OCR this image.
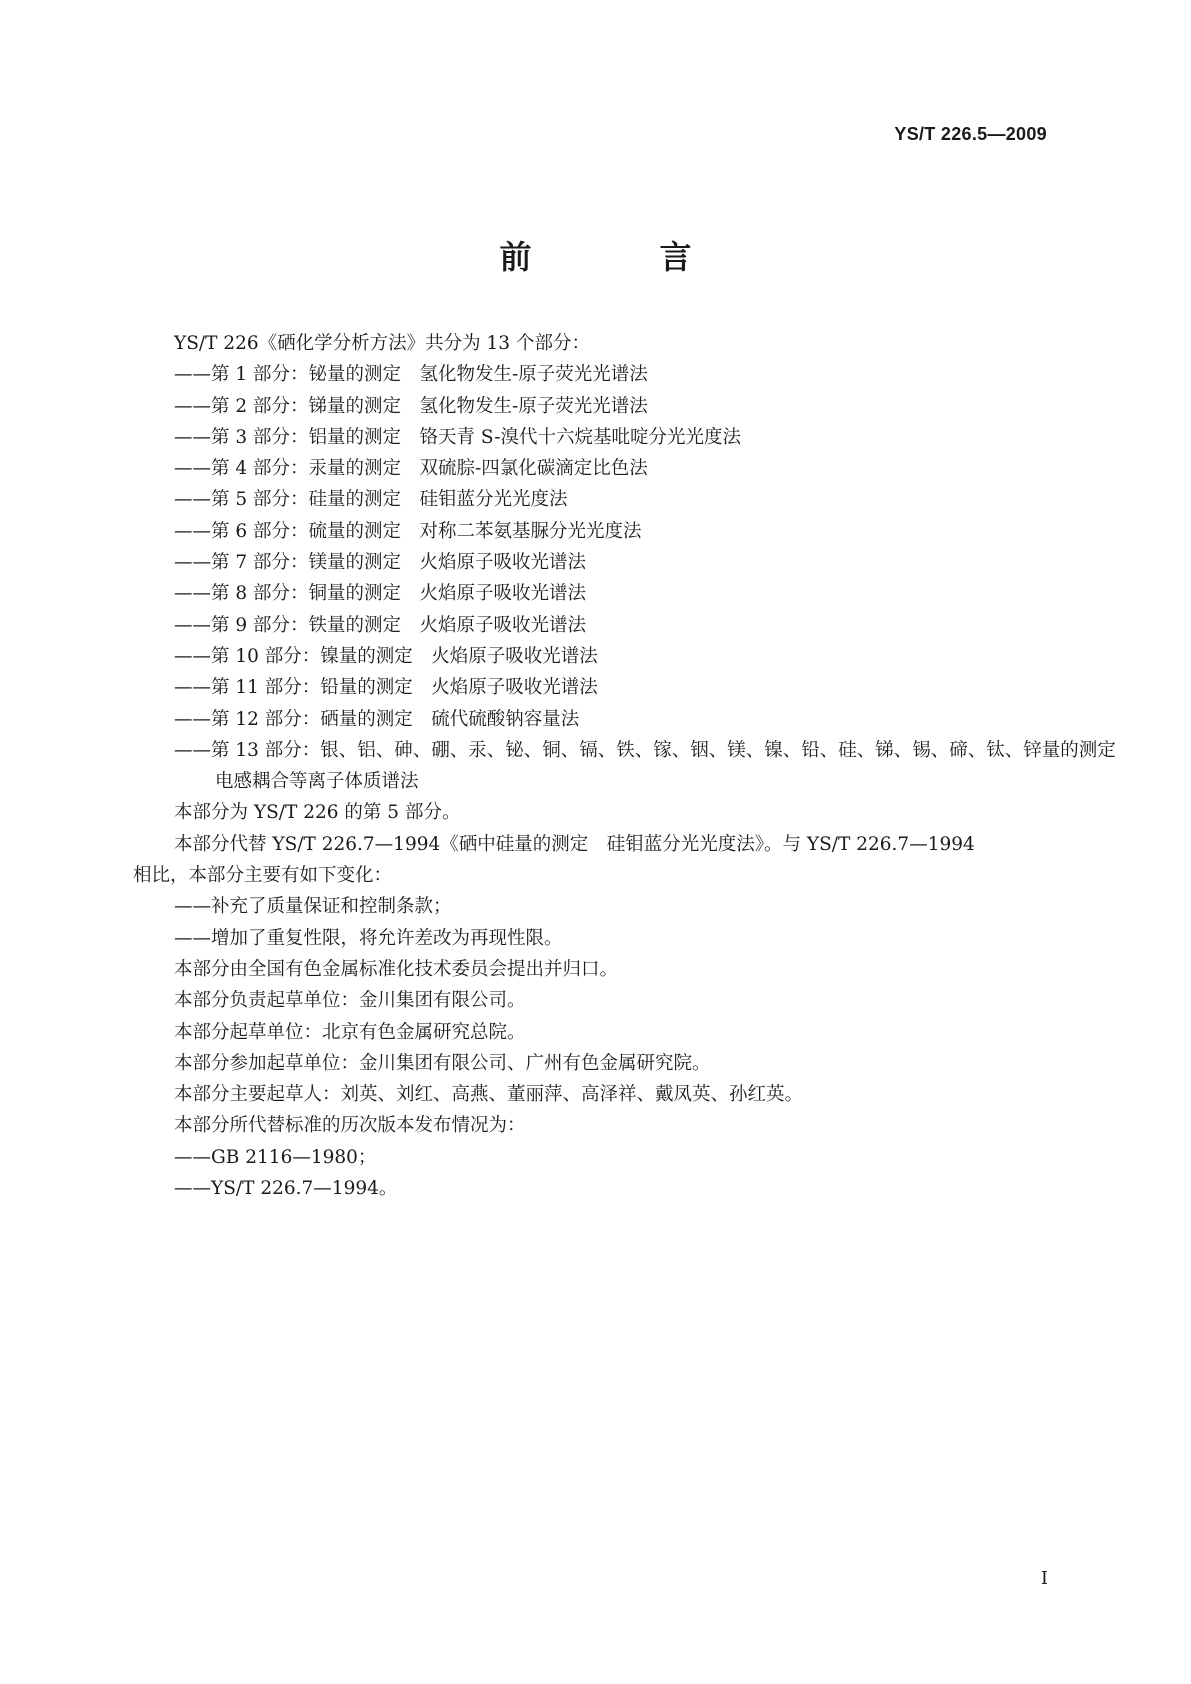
YS/T 226.5—2009
前　言

YS/T 226《硒化学分析方法》共分为 13 个部分：

——第 1 部分：铋量的测定　氢化物发生-原子荧光光谱法

——第 2 部分：锑量的测定　氢化物发生-原子荧光光谱法

——第 3 部分：铝量的测定　铬天青 S-溴代十六烷基吡啶分光光度法

——第 4 部分：汞量的测定　双硫腙-四氯化碳滴定比色法

——第 5 部分：硅量的测定　硅钼蓝分光光度法

——第 6 部分：硫量的测定　对称二苯氨基脲分光光度法

——第 7 部分：镁量的测定　火焰原子吸收光谱法

——第 8 部分：铜量的测定　火焰原子吸收光谱法

——第 9 部分：铁量的测定　火焰原子吸收光谱法

——第 10 部分：镍量的测定　火焰原子吸收光谱法

——第 11 部分：铅量的测定　火焰原子吸收光谱法

——第 12 部分：硒量的测定　硫代硫酸钠容量法

——第 13 部分：银、铝、砷、硼、汞、铋、铜、镉、铁、镓、铟、镁、镍、铅、硅、锑、锡、碲、钛、锌量的测定

电感耦合等离子体质谱法

本部分为 YS/T 226 的第 5 部分。

本部分代替 YS/T 226.7—1994《硒中硅量的测定　硅钼蓝分光光度法》。与 YS/T 226.7—1994

相比，本部分主要有如下变化：

——补充了质量保证和控制条款；

——增加了重复性限，将允许差改为再现性限。

本部分由全国有色金属标准化技术委员会提出并归口。

本部分负责起草单位：金川集团有限公司。

本部分起草单位：北京有色金属研究总院。

本部分参加起草单位：金川集团有限公司、广州有色金属研究院。

本部分主要起草人：刘英、刘红、高燕、董丽萍、高泽祥、戴凤英、孙红英。

本部分所代替标准的历次版本发布情况为：

——GB 2116—1980；

——YS/T 226.7—1994。

I
